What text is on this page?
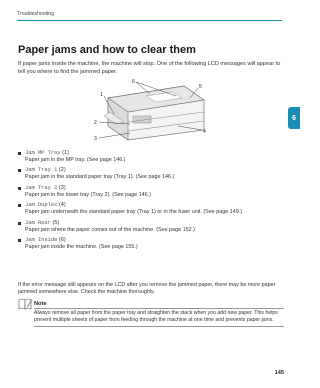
Troubleshooting
6
Paper jams and how to clear them

If paper jams inside the machine, the machine will stop. One of the following LCD messages will appear to tell you where to find the jammed paper.

6
5
1
2
3
4
Jam MP Tray
(1)
Paper jam in the MP tray. (See page 146.)
Jam Tray 1
(2)
Paper jam in the standard paper tray (Tray 1). (See page 146.)
Jam Tray 2
(3)
Paper jam in the lower tray (Tray 2). (See page 146.)
Jam Duplex
(4)
Paper jam underneath the standard paper tray (Tray 1) or in the fuser unit. (See page 149.)
Jam Rear
(5)
Paper jam where the paper comes out of the machine. (See page 152.)
Jam Inside
(6)
Paper jam inside the machine. (See page 155.)

If the error message still appears on the LCD after you remove the jammed paper, there may be more paper jammed somewhere else. Check the machine thoroughly.

Note

Always remove all paper from the paper tray and straighten the stack when you add new paper. This helps prevent multiple sheets of paper from feeding through the machine at one time and prevents paper jams.

145
